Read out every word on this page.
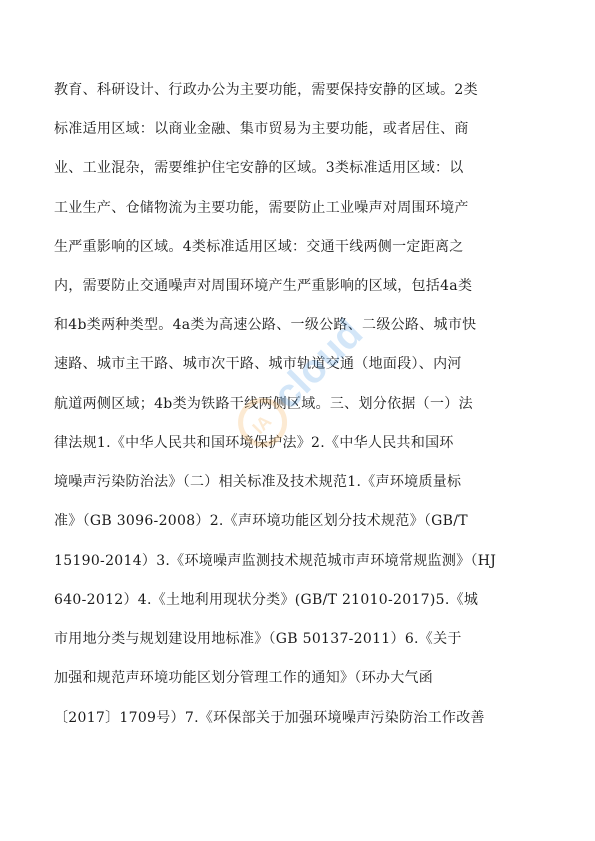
教育、科研设计、行政办公为主要功能，需要保持安静的区域。2类
标准适用区域：以商业金融、集市贸易为主要功能，或者居住、商
业、工业混杂，需要维护住宅安静的区域。3类标准适用区域：以
工业生产、仓储物流为主要功能，需要防止工业噪声对周围环境产
生严重影响的区域。4类标准适用区域：交通干线两侧一定距离之
内，需要防止交通噪声对周围环境产生严重影响的区域，包括4a类
和4b类两种类型。4a类为高速公路、一级公路、二级公路、城市快
速路、城市主干路、城市次干路、城市轨道交通（地面段）、内河
航道两侧区域；4b类为铁路干线两侧区域。三、划分依据（一）法
律法规1.《中华人民共和国环境保护法》2.《中华人民共和国环
境噪声污染防治法》（二）相关标准及技术规范1.《声环境质量标
准》（GB 3096-2008）2.《声环境功能区划分技术规范》（GB/T
15190-2014）3.《环境噪声监测技术规范城市声环境常规监测》（HJ
640-2012）4.《土地利用现状分类》(GB/T 21010-2017)5.《城
市用地分类与规划建设用地标准》（GB 50137-2011）6.《关于
加强和规范声环境功能区划分管理工作的通知》（环办大气函
〔2017〕1709号）7.《环保部关于加强环境噪声污染防治工作改善
IA
cloud
